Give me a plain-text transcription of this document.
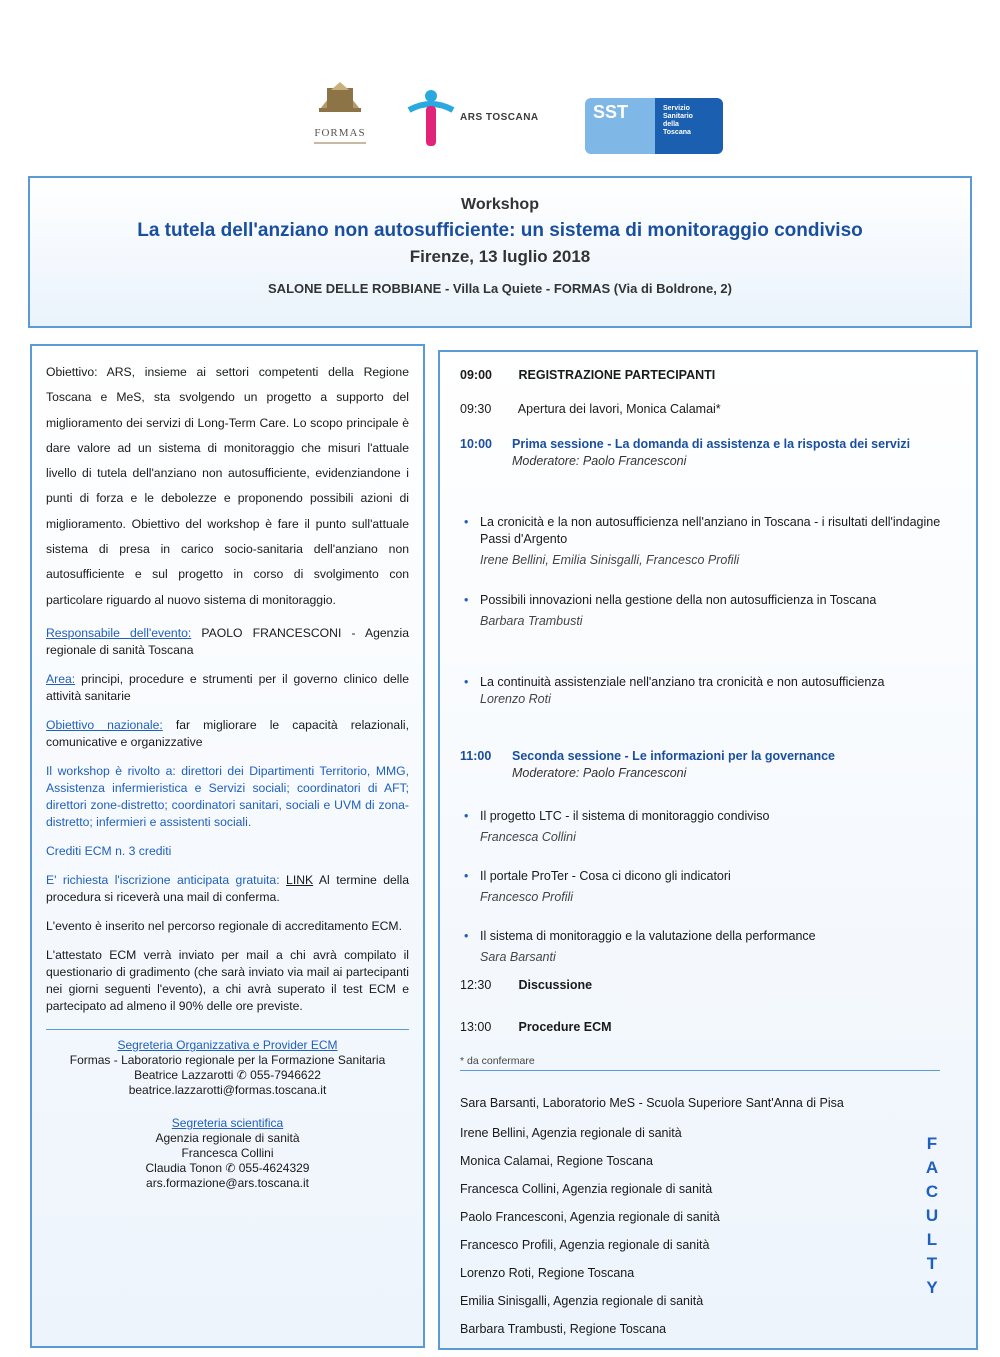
FORMAS
ARS TOSCANA	SST	Servizio
Sanitario
della
Toscana
Workshop
La tutela dell'anziano non autosufficiente: un sistema di monitoraggio condiviso
Firenze, 13 luglio 2018
SALONE DELLE ROBBIANE - Villa La Quiete - FORMAS (Via di Boldrone, 2)

Obiettivo: ARS, insieme ai settori competenti della Regione Toscana e MeS, sta svolgendo un progetto a supporto del miglioramento dei servizi di Long-Term Care. Lo scopo principale è dare valore ad un sistema di monitoraggio che misuri l'attuale livello di tutela dell'anziano non autosufficiente, evidenziandone i punti di forza e le debolezze e proponendo possibili azioni di miglioramento. Obiettivo del workshop è fare il punto sull'attuale sistema di presa in carico socio-sanitaria dell'anziano non autosufficiente e sul progetto in corso di svolgimento con particolare riguardo al nuovo sistema di monitoraggio.

Responsabile dell'evento: PAOLO FRANCESCONI - Agenzia regionale di sanità Toscana

Area: principi, procedure e strumenti per il governo clinico delle attività sanitarie

Obiettivo nazionale: far migliorare le capacità relazionali, comunicative e organizzative

Il workshop è rivolto a: direttori dei Dipartimenti Territorio, MMG, Assistenza infermieristica e Servizi sociali; coordinatori di AFT; direttori zone-distretto; coordinatori sanitari, sociali e UVM di zona-distretto; infermieri e assistenti sociali.

Crediti ECM n. 3 crediti

E' richiesta l'iscrizione anticipata gratuita: LINK Al termine della procedura si riceverà una mail di conferma.

L'evento è inserito nel percorso regionale di accreditamento ECM.

L'attestato ECM verrà inviato per mail a chi avrà compilato il questionario di gradimento (che sarà inviato via mail ai partecipanti nei giorni seguenti l'evento), a chi avrà superato il test ECM e partecipato ad almeno il 90% delle ore previste.

Segreteria Organizzativa e Provider ECM
Formas - Laboratorio regionale per la Formazione Sanitaria
Beatrice Lazzarotti ✆ 055-7946622
beatrice.lazzarotti@formas.toscana.it
Segreteria scientifica
Agenzia regionale di sanità
Francesca Collini
Claudia Tonon ✆ 055-4624329
ars.formazione@ars.toscana.it
09:00 REGISTRAZIONE PARTECIPANTI
09:30 Apertura dei lavori, Monica Calamai*
10:00	Prima sessione - La domanda di assistenza e la risposta dei servizi
Moderatore: Paolo Francesconi
• La cronicità e la non autosufficienza nell'anziano in Toscana - i risultati dell'indagine Passi d'Argento
Irene Bellini, Emilia Sinisgalli, Francesco Profili
• Possibili innovazioni nella gestione della non autosufficienza in Toscana
Barbara Trambusti
• La continuità assistenziale nell'anziano tra cronicità e non autosufficienza
Lorenzo Roti
11:00	Seconda sessione - Le informazioni per la governance
Moderatore: Paolo Francesconi
• Il progetto LTC - il sistema di monitoraggio condiviso
Francesca Collini
• Il portale ProTer - Cosa ci dicono gli indicatori
Francesco Profili
• Il sistema di monitoraggio e la valutazione della performance
Sara Barsanti
12:30 Discussione
13:00 Procedure ECM
* da confermare
Sara Barsanti, Laboratorio MeS - Scuola Superiore Sant'Anna di Pisa
Irene Bellini, Agenzia regionale di sanità
Monica Calamai, Regione Toscana
Francesca Collini, Agenzia regionale di sanità
Paolo Francesconi, Agenzia regionale di sanità
Francesco Profili, Agenzia regionale di sanità
Lorenzo Roti, Regione Toscana
Emilia Sinisgalli, Agenzia regionale di sanità
Barbara Trambusti, Regione Toscana
F
A
C
U
L
T
Y
